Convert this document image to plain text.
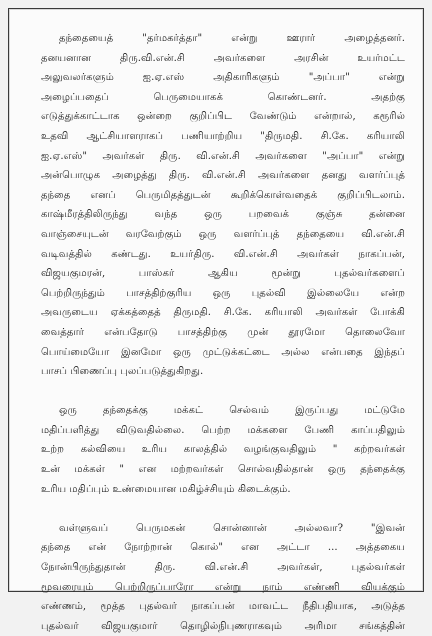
தந்தையைத் "தர்மகர்த்தா" என்று ஊரார் அழைத்தனர்.

தனயனான திரு.வி.என்.சி அவர்களை அரசின் உயர்மட்ட

அலுவலர்களும் ஐ.ஏ.எஸ் அதிகாரிகளும் "அப்பா" என்று

அழைப்பதைப் பெருமையாகக் கொண்டனர். அதற்கு

எடுத்துக்காட்டாக ஒன்றை குறிப்பிட வேண்டும் என்றால், கரூரில்

உதவி ஆட்சியாளராகப் பணியாற்றிய "திருமதி. சி.கே. கரியாலி

ஐ.ஏ.எஸ்" அவர்கள் திரு. வி.என்.சி அவர்களை "அப்பா" என்று

அன்பொழுக அழைத்து திரு. வி.என்.சி அவர்களை தனது வளர்ப்புத்

தந்தை எனப் பெருமிதத்துடன் கூறிக்கொள்வதைக் குறிப்பிடலாம்.

காஷ்மீரத்திலிருந்து வந்த ஒரு பறவைக் குஞ்சு தன்னை

வாஞ்சையுடன் வரவேற்கும் ஒரு வளர்ப்புத் தந்தையை வி.என்.சி

வடிவத்தில் கண்டது. உயர்திரு. வி.என்.சி அவர்கள் நாகப்பன்,

விஜயகுமரன், பாஸ்கர் ஆகிய மூன்று புதல்வர்களைப்

பெற்றிருந்தும் பாசத்திற்குரிய ஒரு புதல்வி இல்லையே என்ற

அவருடைய ஏக்கத்தைத் திருமதி. சி.கே. கரியாலி அவர்கள் போக்கி

வைத்தார் என்பதோடு பாசத்திற்கு முன் தூரமோ தொலைவோ

பொய்மையோ இனமோ ஒரு முட்டுக்கட்டை அல்ல என்பதை இந்தப்

பாசப் பிணைப்பு புலப்படுத்துகிறது.

ஒரு தந்தைக்கு மக்கட் செல்வம் இருப்பது மட்டுமே

மதிப்பளித்து விடுவதில்லை. பெற்ற மக்களை பேணி காப்பதிலும்

உற்ற கல்வியை உரிய காலத்தில் வழங்குவதிலும் " கற்றவர்கள்

உன் மக்கள் " என மற்றவர்கள் சொல்வதில்தான் ஒரு தந்தைக்கு

உரிய மதிப்பும் உண்மையான மகிழ்ச்சியும் கிடைக்கும்.

வள்ளுவப் பெருமகன் சொன்னான் அல்லவா? "இவன்

தந்தை என் நோற்றான் கொல்" என அட்டா ... அத்தகைய

நோன்பிருந்துதான் திரு. வி.என்.சி அவர்கள், புதல்வர்கள்

மூவரையும் பெற்றிருப்பாரோ என்று நாம் எண்ணி வியக்கும்

எண்ணம், மூத்த புதல்வர் நாகப்பன் மாவட்ட நீதிபதியாக, அடுத்த

புதல்வர் விஜயகுமார் தொழில்நிபுணராகவும் அரிமா சங்கத்தின்
